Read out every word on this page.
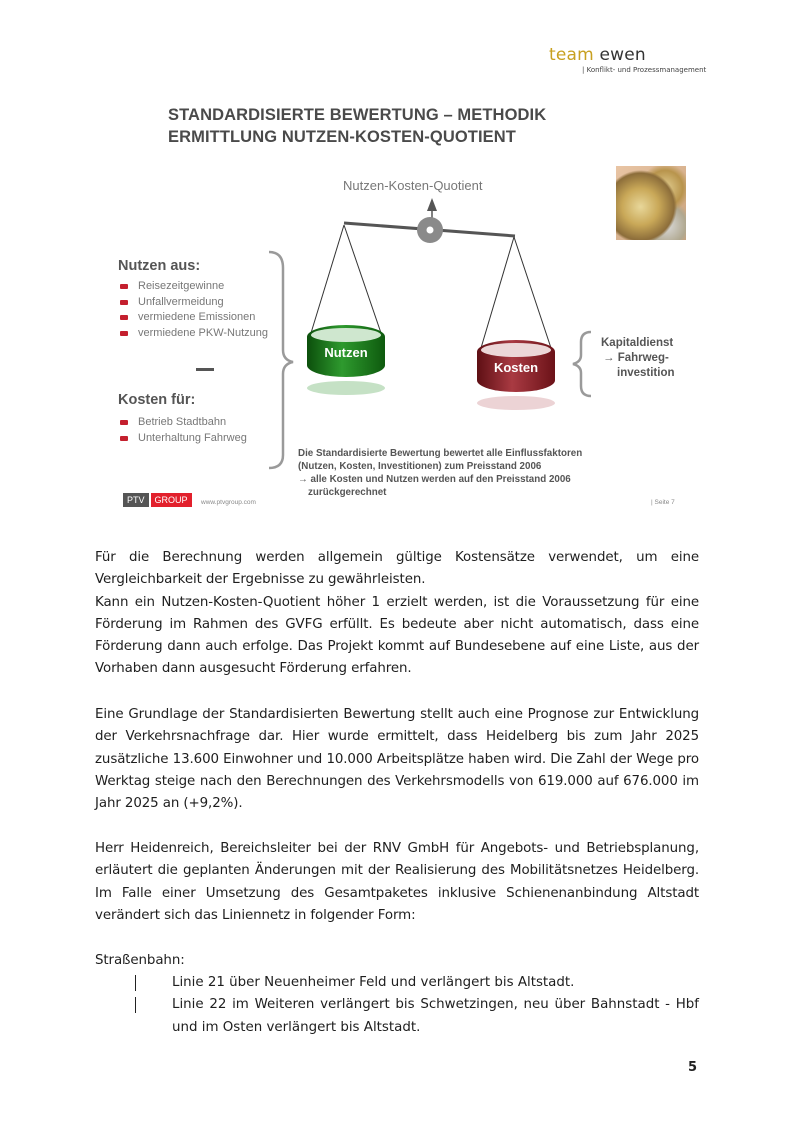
team ewen
| Konflikt- und Prozessmanagement
STANDARDISIERTE BEWERTUNG – METHODIK
ERMITTLUNG NUTZEN-KOSTEN-QUOTIENT
Nutzen-Kosten-Quotient
Nutzen aus:
Reisezeitgewinne
Unfallvermeidung
vermiedene Emissionen
vermiedene PKW-Nutzung
Kosten für:
Betrieb Stadtbahn
Unterhaltung Fahrweg
Nutzen
Kosten
Kapitaldienst
→ Fahrweg-
investition
Die Standardisierte Bewertung bewertet alle Einflussfaktoren
(Nutzen, Kosten, Investitionen) zum Preisstand 2006
→ alle Kosten und Nutzen werden auf den Preisstand 2006
zurückgerechnet
PTV	GROUP	www.ptvgroup.com	| Seite 7
Für die Berechnung werden allgemein gültige Kostensätze verwendet, um eine Vergleichbarkeit der Ergebnisse zu gewährleisten.
Kann ein Nutzen-Kosten-Quotient höher 1 erzielt werden, ist die Voraussetzung für eine Förderung im Rahmen des GVFG erfüllt. Es bedeute aber nicht automatisch, dass eine Förderung dann auch erfolge. Das Projekt kommt auf Bundesebene auf eine Liste, aus der Vorhaben dann ausgesucht Förderung erfahren.
Eine Grundlage der Standardisierten Bewertung stellt auch eine Prognose zur Entwicklung der Verkehrsnachfrage dar. Hier wurde ermittelt, dass Heidelberg bis zum Jahr 2025 zusätzliche 13.600 Einwohner und 10.000 Arbeitsplätze haben wird. Die Zahl der Wege pro Werktag steige nach den Berechnungen des Verkehrsmodells von 619.000 auf 676.000 im Jahr 2025 an (+9,2%).
Herr Heidenreich, Bereichsleiter bei der RNV GmbH für Angebots- und Betriebsplanung, erläutert die geplanten Änderungen mit der Realisierung des Mobilitätsnetzes Heidelberg. Im Falle einer Umsetzung des Gesamtpaketes inklusive Schienenanbindung Altstadt verändert sich das Liniennetz in folgender Form:
Straßenbahn:
Linie 21 über Neuenheimer Feld und verlängert bis Altstadt.
Linie 22 im Weiteren verlängert bis Schwetzingen, neu über Bahnstadt - Hbf und im Osten verlängert bis Altstadt.
5
